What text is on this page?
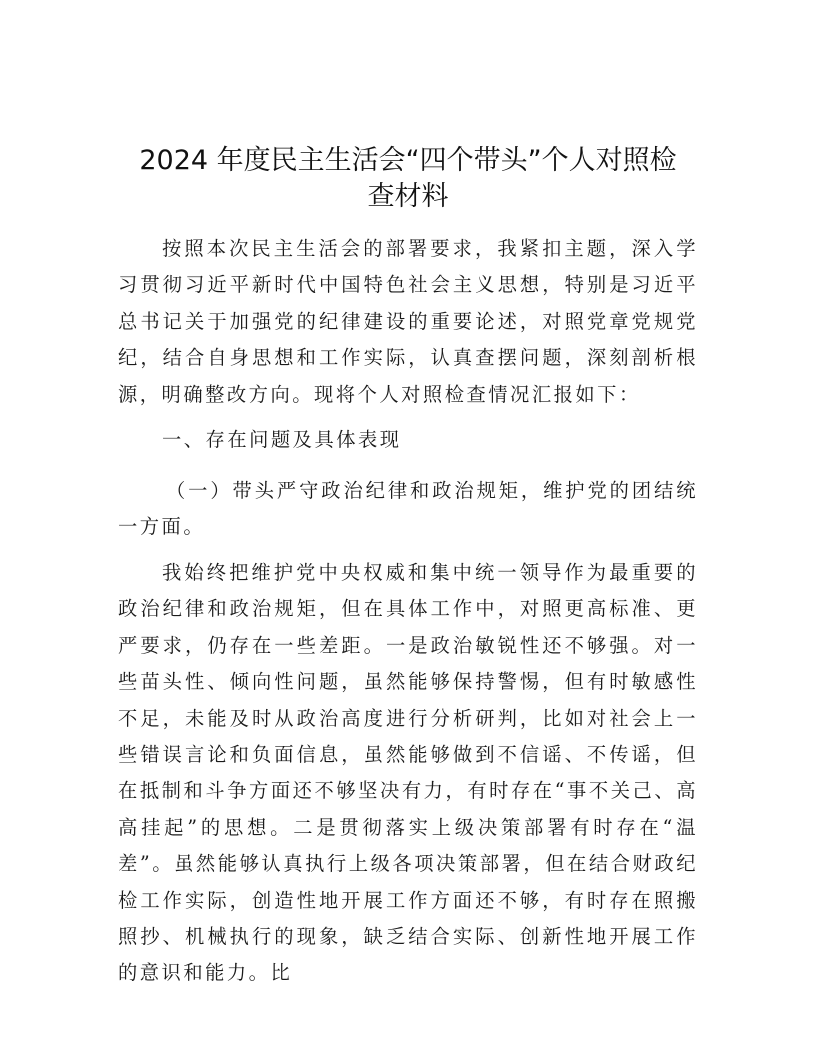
2024 年度民主生活会“四个带头”个人对照检
查材料
按照本次民主生活会的部署要求，我紧扣主题，深入学习贯彻习近平新时代中国特色社会主义思想，特别是习近平总书记关于加强党的纪律建设的重要论述，对照党章党规党纪，结合自身思想和工作实际，认真查摆问题，深刻剖析根源，明确整改方向。现将个人对照检查情况汇报如下：
一、存在问题及具体表现
（一）带头严守政治纪律和政治规矩，维护党的团结统一方面。
我始终把维护党中央权威和集中统一领导作为最重要的政治纪律和政治规矩，但在具体工作中，对照更高标准、更严要求，仍存在一些差距。一是政治敏锐性还不够强。对一些苗头性、倾向性问题，虽然能够保持警惕，但有时敏感性不足，未能及时从政治高度进行分析研判，比如对社会上一些错误言论和负面信息，虽然能够做到不信谣、不传谣，但在抵制和斗争方面还不够坚决有力，有时存在“事不关己、高高挂起”的思想。二是贯彻落实上级决策部署有时存在“温差”。虽然能够认真执行上级各项决策部署，但在结合财政纪检工作实际，创造性地开展工作方面还不够，有时存在照搬照抄、机械执行的现象，缺乏结合实际、创新性地开展工作的意识和能力。比
